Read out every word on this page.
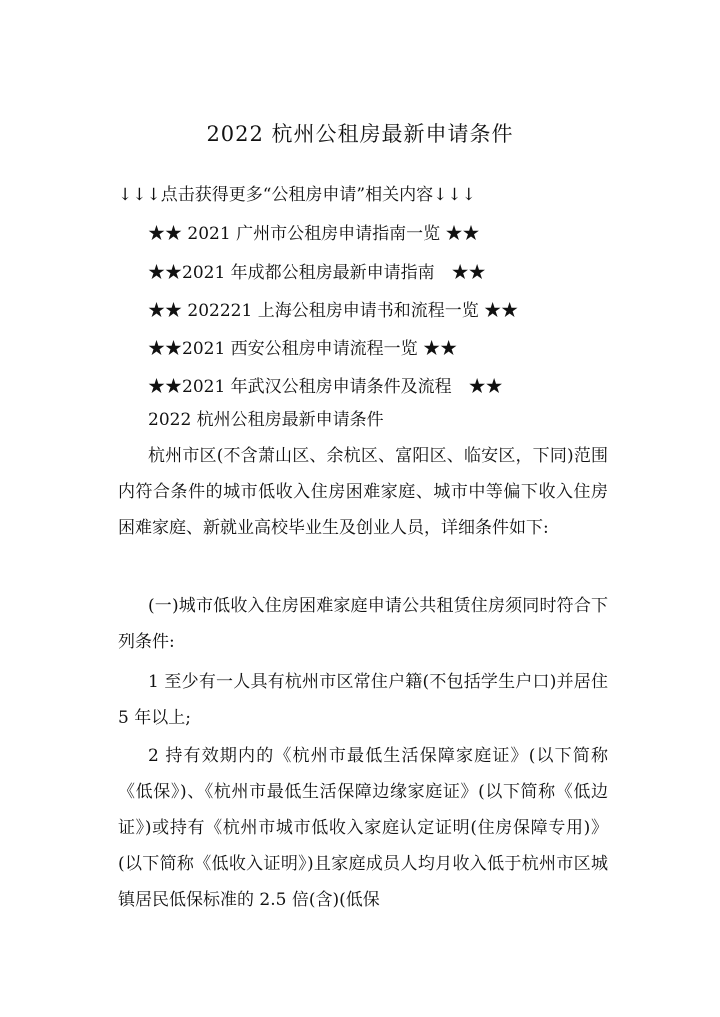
2022 杭州公租房最新申请条件
↓↓↓点击获得更多“公租房申请”相关内容↓↓↓
★★ 2021 广州市公租房申请指南一览 ★★
★★2021 年成都公租房最新申请指南　★★
★★ 202221 上海公租房申请书和流程一览 ★★
★★2021 西安公租房申请流程一览 ★★
★★2021 年武汉公租房申请条件及流程　★★
2022 杭州公租房最新申请条件
杭州市区(不含萧山区、余杭区、富阳区、临安区，下同)范围内符合条件的城市低收入住房困难家庭、城市中等偏下收入住房困难家庭、新就业高校毕业生及创业人员，详细条件如下:
(一)城市低收入住房困难家庭申请公共租赁住房须同时符合下列条件:
1 至少有一人具有杭州市区常住户籍(不包括学生户口)并居住 5 年以上;
2 持有效期内的《杭州市最低生活保障家庭证》(以下简称《低保》)、《杭州市最低生活保障边缘家庭证》(以下简称《低边证》)或持有《杭州市城市低收入家庭认定证明(住房保障专用)》(以下简称《低收入证明》)且家庭成员人均月收入低于杭州市区城镇居民低保标准的 2.5 倍(含)(低保
